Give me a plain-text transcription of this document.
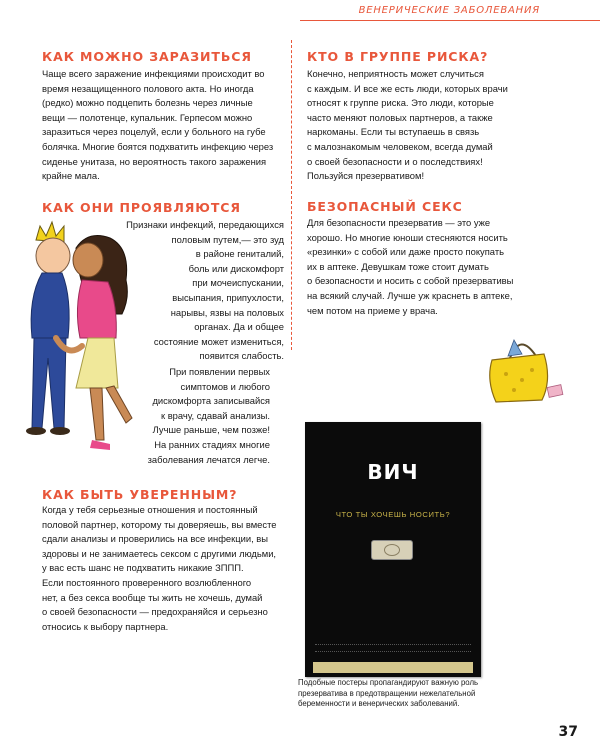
ВЕНЕРИЧЕСКИЕ ЗАБОЛЕВАНИЯ
КАК МОЖНО ЗАРАЗИТЬСЯ
Чаще всего заражение инфекциями происходит во
время незащищенного полового акта. Но иногда
(редко) можно подцепить болезнь через личные
вещи — полотенце, купальник. Герпесом можно
заразиться через поцелуй, если у больного на губе
болячка. Многие боятся подхватить инфекцию через
сиденье унитаза, но вероятность такого заражения
крайне мала.
КАК ОНИ ПРОЯВЛЯЮТСЯ
Признаки инфекций, передающихся
половым путем,— это зуд
в районе гениталий,
боль или дискомфорт
при мочеиспускании,
высыпания, припухлости,
нарывы, язвы на половых
органах. Да и общее
состояние может измениться,
появится слабость.
При появлении первых
симптомов и любого
дискомфорта записывайся
к врачу, сдавай анализы.
Лучше раньше, чем позже!
На ранних стадиях многие
заболевания лечатся легче.
КАК БЫТЬ УВЕРЕННЫМ?
Когда у тебя серьезные отношения и постоянный
половой партнер, которому ты доверяешь, вы вместе
сдали анализы и проверились на все инфекции, вы
здоровы и не занимаетесь сексом с другими людьми,
у вас есть шанс не подхватить никакие ЗППП.
Если постоянного проверенного возлюбленного
нет, а без секса вообще ты жить не хочешь, думай
о своей безопасности — предохраняйся и серьезно
относись к выбору партнера.
КТО В ГРУППЕ РИСКА?
Конечно, неприятность может случиться
с каждым. И все же есть люди, которых врачи
относят к группе риска. Это люди, которые
часто меняют половых партнеров, а также
наркоманы. Если ты вступаешь в связь
с малознакомым человеком, всегда думай
о своей безопасности и о последствиях!
Пользуйся презервативом!
БЕЗОПАСНЫЙ СЕКС
Для безопасности презерватив — это уже
хорошо. Но многие юноши стесняются носить
«резинки» с собой или даже просто покупать
их в аптеке. Девушкам тоже стоит думать
о безопасности и носить с собой презервативы
на всякий случай. Лучше уж краснеть в аптеке,
чем потом на приеме у врача.
ВИЧ
ЧТО ТЫ ХОЧЕШЬ НОСИТЬ?
Подобные постеры пропагандируют важную роль
презерватива в предотвращении нежелательной
беременности и венерических заболеваний.
37
